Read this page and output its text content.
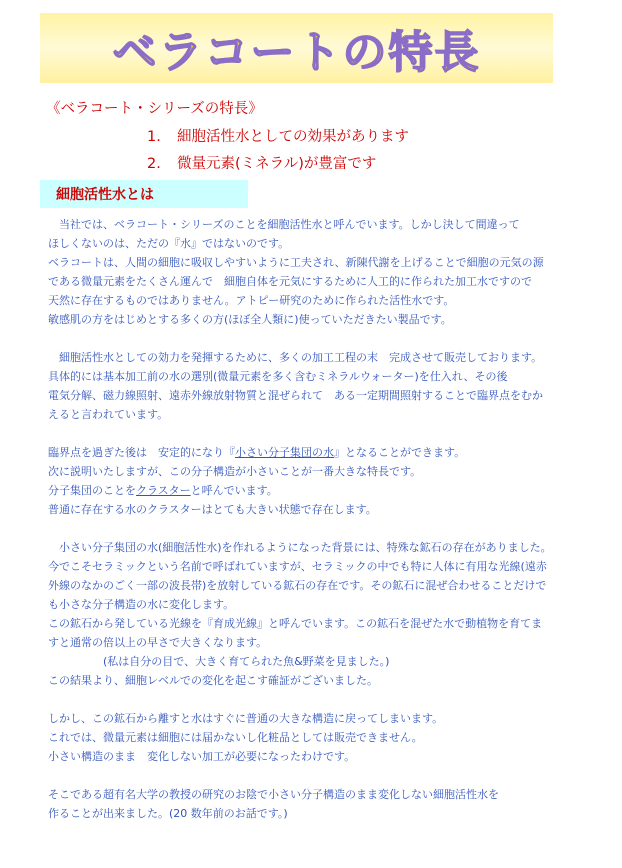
ベラコートの特長
《ベラコート・シリーズの特長》
1. 細胞活性水としての効果があります
2. 微量元素(ミネラル)が豊富です
細胞活性水とは
　当社では、ベラコート・シリーズのことを細胞活性水と呼んでいます。しかし決して間違って
ほしくないのは、ただの『水』ではないのです。
ベラコートは、人間の細胞に吸収しやすいように工夫され、新陳代謝を上げることで細胞の元気の源
である微量元素をたくさん運んで　細胞自体を元気にするために人工的に作られた加工水ですので
天然に存在するものではありません。アトピー研究のために作られた活性水です。
敏感肌の方をはじめとする多くの方(ほぼ全人類に)使っていただきたい製品です。
　細胞活性水としての効力を発揮するために、多くの加工工程の末　完成させて販売しております。
具体的には基本加工前の水の選別(微量元素を多く含むミネラルウォーター)を仕入れ、その後
電気分解、磁力線照射、遠赤外線放射物質と混ぜられて　ある一定期間照射することで臨界点をむか
えると言われています。
臨界点を過ぎた後は　安定的になり『小さい分子集団の水』となることができます。
次に説明いたしますが、この分子構造が小さいことが一番大きな特長です。
分子集団のことをクラスターと呼んでいます。
普通に存在する水のクラスターはとても大きい状態で存在します。
　小さい分子集団の水(細胞活性水)を作れるようになった背景には、特殊な鉱石の存在がありました。
今でこそセラミックという名前で呼ばれていますが、セラミックの中でも特に人体に有用な光線(遠赤
外線のなかのごく一部の波長帯)を放射している鉱石の存在です。その鉱石に混ぜ合わせることだけで
も小さな分子構造の水に変化します。
この鉱石から発している光線を『育成光線』と呼んでいます。この鉱石を混ぜた水で動植物を育てま
すと通常の倍以上の早さで大きくなります。
　　　　　(私は自分の目で、大きく育てられた魚&野菜を見ました。)
この結果より、細胞レベルでの変化を起こす確証がございました。
しかし、この鉱石から離すと水はすぐに普通の大きな構造に戻ってしまいます。
これでは、微量元素は細胞には届かないし化粧品としては販売できません。
小さい構造のまま　変化しない加工が必要になったわけです。
そこである超有名大学の教授の研究のお陰で小さい分子構造のまま変化しない細胞活性水を
作ることが出来ました。(20 数年前のお話です。)
